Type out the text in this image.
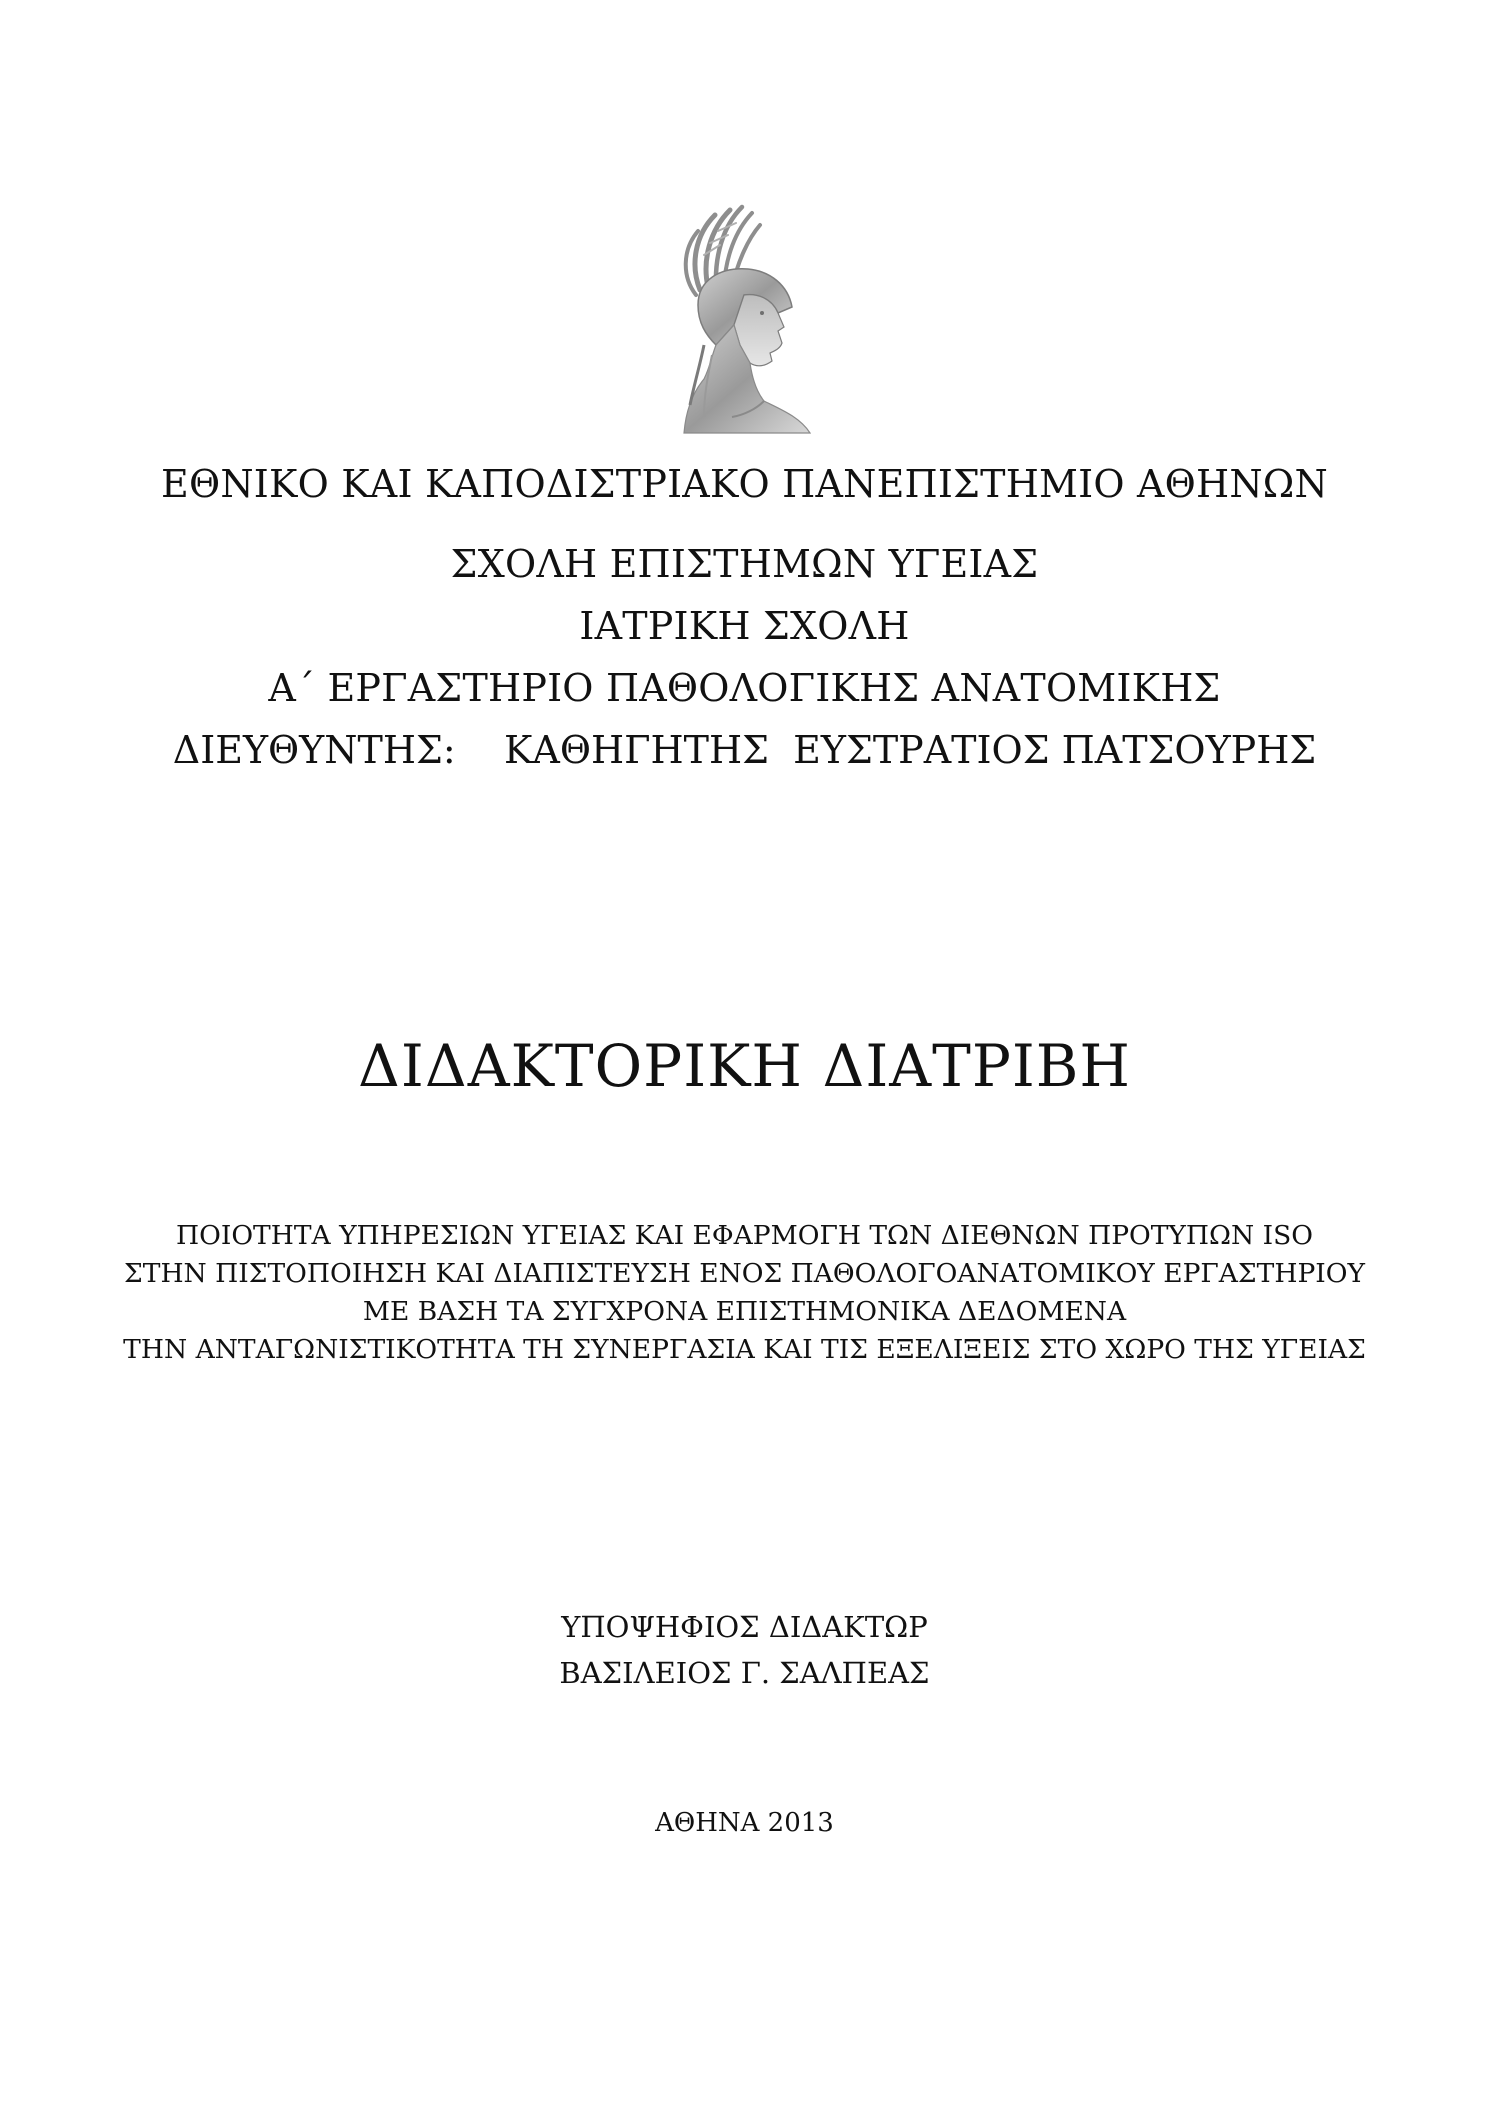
ΕΘΝΙΚΟ ΚΑΙ ΚΑΠΟΔΙΣΤΡΙΑΚΟ ΠΑΝΕΠΙΣΤΗΜΙΟ ΑΘΗΝΩΝ
ΣΧΟΛΗ ΕΠΙΣΤΗΜΩΝ ΥΓΕΙΑΣ
ΙΑΤΡΙΚΗ ΣΧΟΛΗ
Α΄ ΕΡΓΑΣΤΗΡΙΟ ΠΑΘΟΛΟΓΙΚΗΣ ΑΝΑΤΟΜΙΚΗΣ
ΔΙΕΥΘΥΝΤΗΣ: ΚΑΘΗΓΗΤΗΣ  ΕΥΣΤΡΑΤΙΟΣ ΠΑΤΣΟΥΡΗΣ
ΔΙΔΑΚΤΟΡΙΚΗ ΔΙΑΤΡΙΒΗ
ΠΟΙΟΤΗΤΑ ΥΠΗΡΕΣΙΩΝ ΥΓΕΙΑΣ ΚΑΙ ΕΦΑΡΜΟΓΗ ΤΩΝ ΔΙΕΘΝΩΝ ΠΡΟΤΥΠΩΝ ISO
ΣΤΗΝ ΠΙΣΤΟΠΟΙΗΣΗ ΚΑΙ ΔΙΑΠΙΣΤΕΥΣΗ ΕΝΟΣ ΠΑΘΟΛΟΓΟΑΝΑΤΟΜΙΚΟΥ ΕΡΓΑΣΤΗΡΙΟΥ
ΜΕ ΒΑΣΗ ΤΑ ΣΥΓΧΡΟΝΑ ΕΠΙΣΤΗΜΟΝΙΚΑ ΔΕΔΟΜΕΝΑ
ΤΗΝ ΑΝΤΑΓΩΝΙΣΤΙΚΟΤΗΤΑ ΤΗ ΣΥΝΕΡΓΑΣΙΑ ΚΑΙ ΤΙΣ ΕΞΕΛΙΞΕΙΣ ΣΤΟ ΧΩΡΟ ΤΗΣ ΥΓΕΙΑΣ
ΥΠΟΨΗΦΙΟΣ ΔΙΔΑΚΤΩΡ
ΒΑΣΙΛΕΙΟΣ Γ. ΣΑΛΠΕΑΣ
ΑΘΗΝΑ 2013
